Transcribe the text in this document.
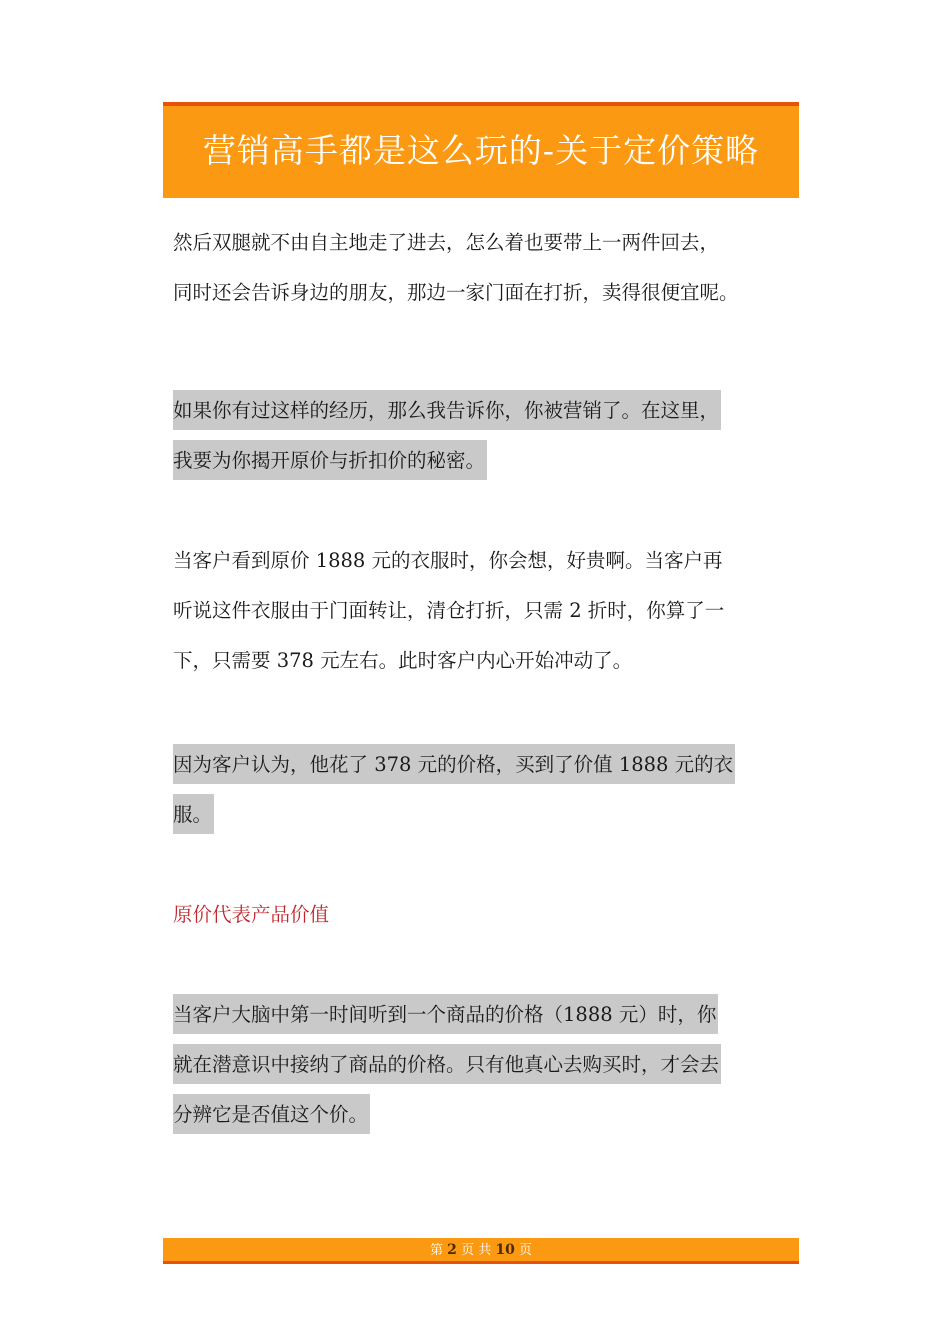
营销高手都是这么玩的-关于定价策略
然后双腿就不由自主地走了进去，怎么着也要带上一两件回去，
同时还会告诉身边的朋友，那边一家门面在打折，卖得很便宜呢。
如果你有过这样的经历，那么我告诉你，你被营销了。在这里，
我要为你揭开原价与折扣价的秘密。
当客户看到原价 1888 元的衣服时，你会想，好贵啊。当客户再
听说这件衣服由于门面转让，清仓打折，只需 2 折时，你算了一
下，只需要 378 元左右。此时客户内心开始冲动了。
因为客户认为，他花了 378 元的价格，买到了价值 1888 元的衣
服。
原价代表产品价值
当客户大脑中第一时间听到一个商品的价格（1888 元）时，你
就在潜意识中接纳了商品的价格。只有他真心去购买时，才会去
分辨它是否值这个价。
第 2 页 共 10 页
